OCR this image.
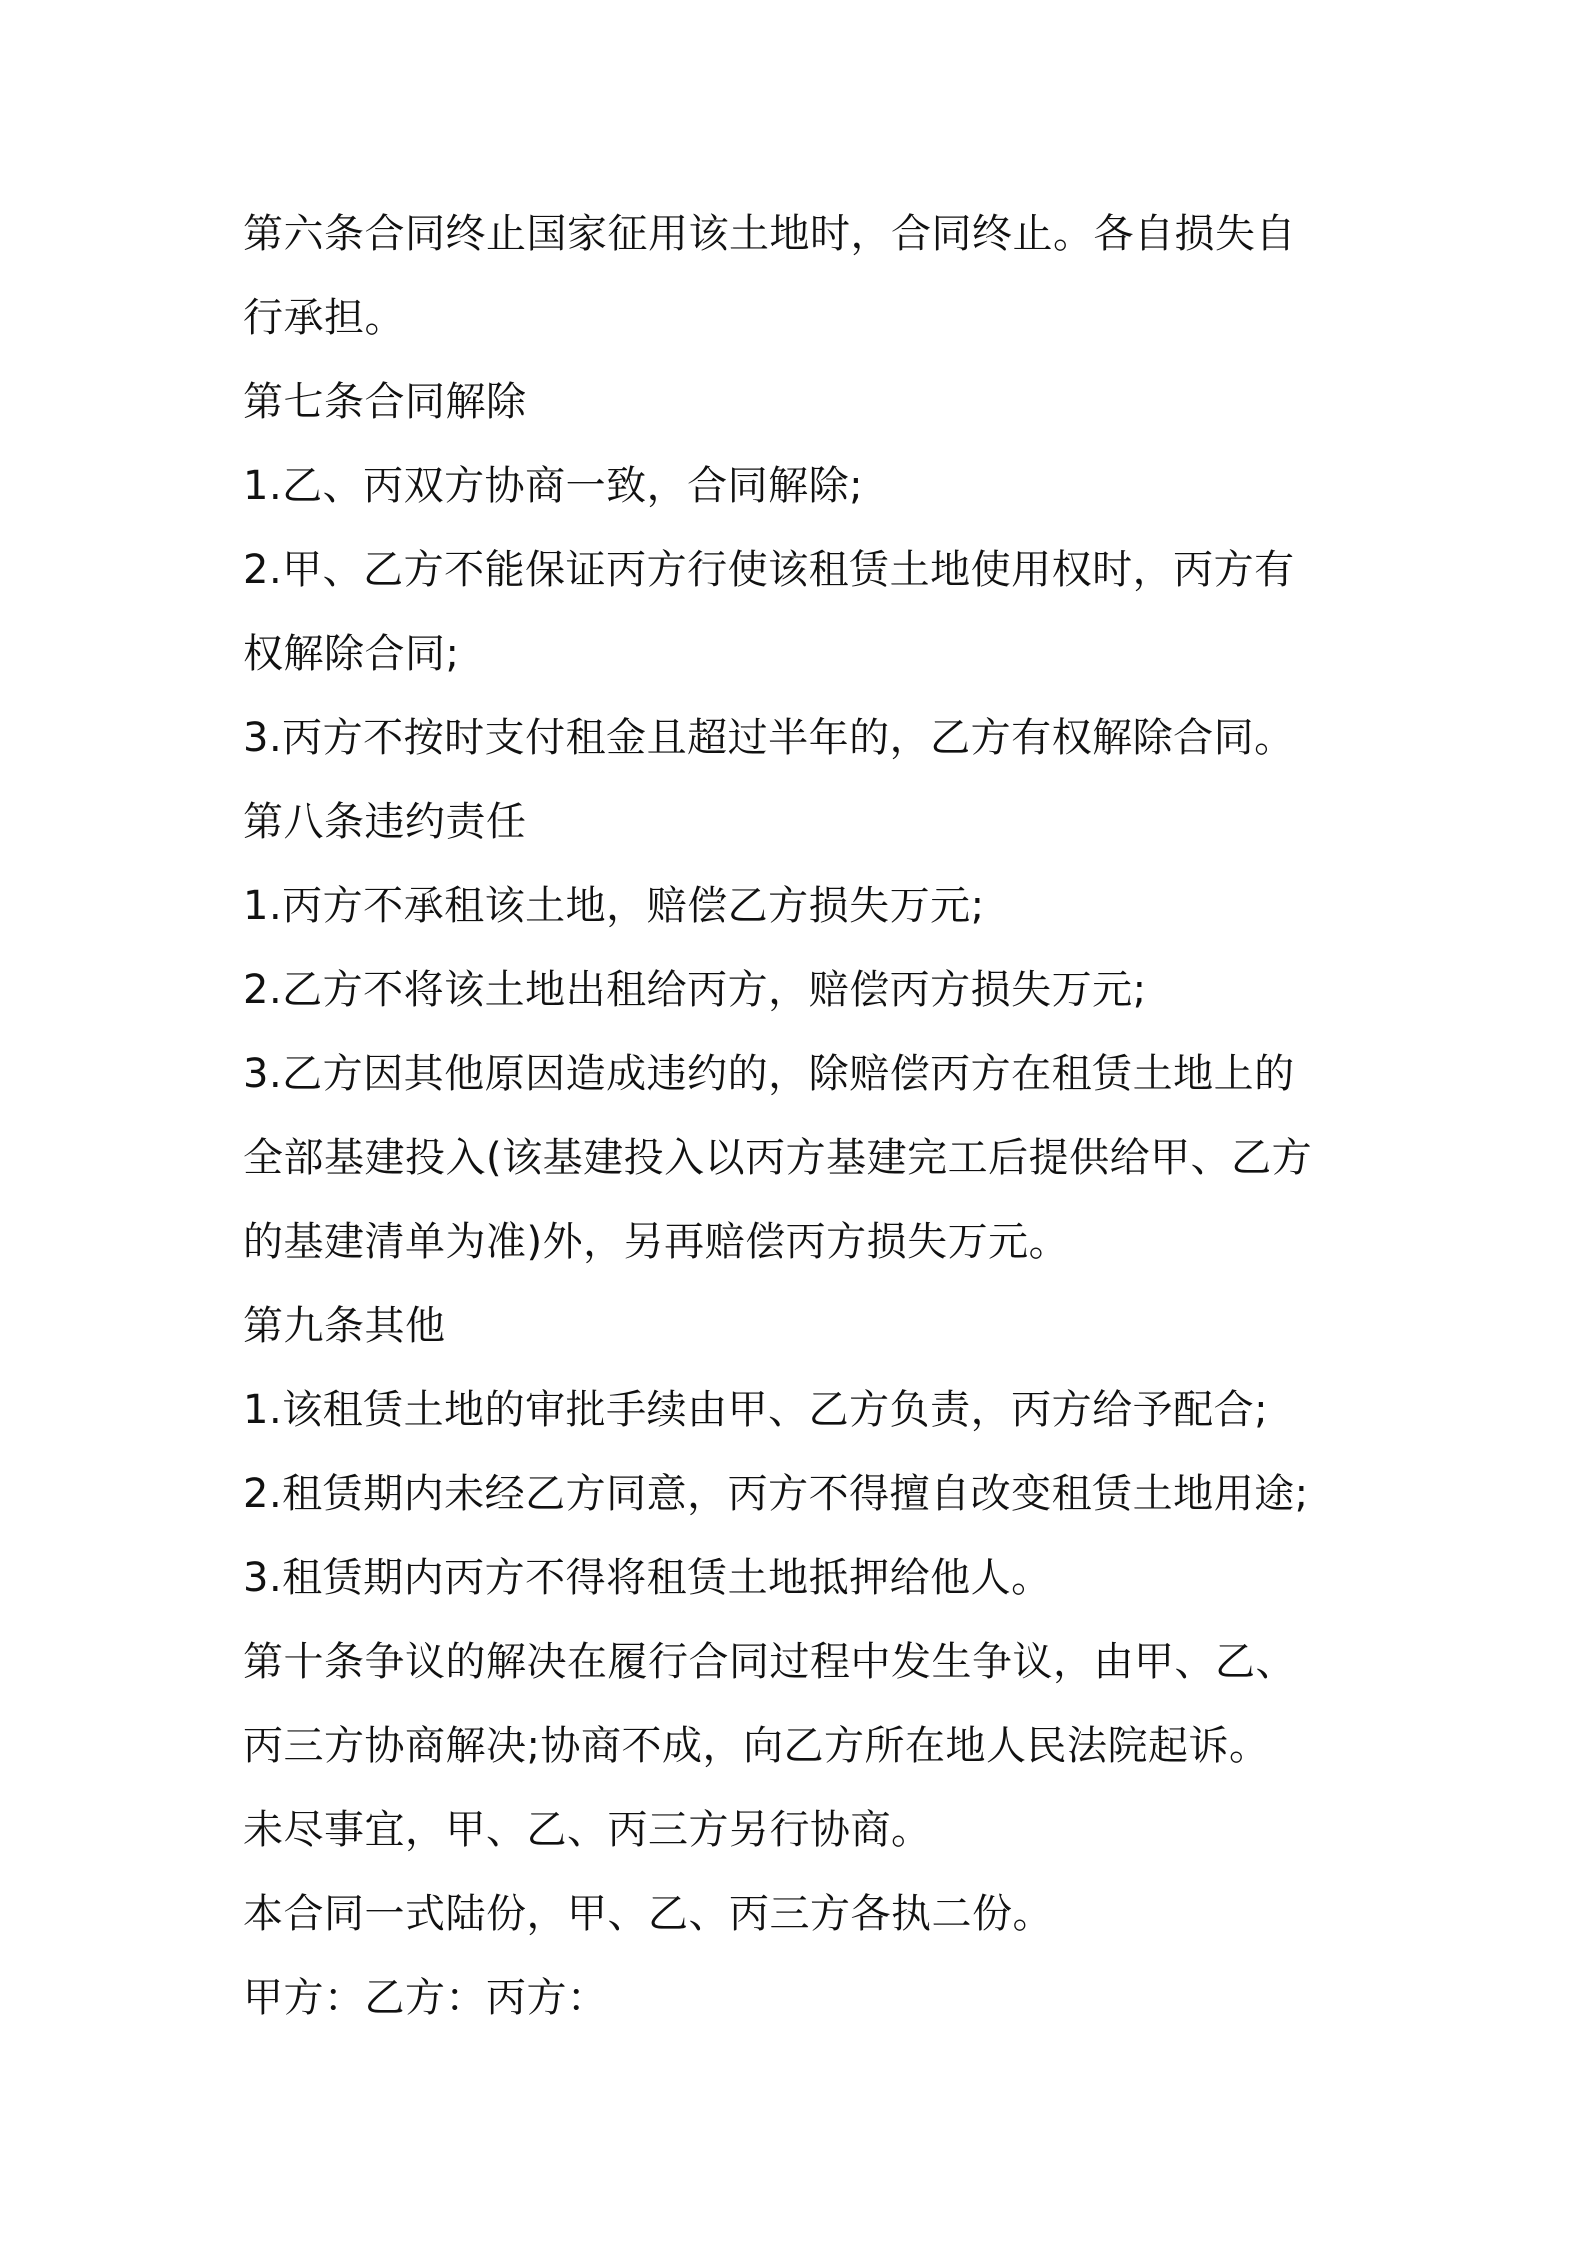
第六条合同终止国家征用该土地时，合同终止。各自损失自
行承担。
第七条合同解除
1.乙、丙双方协商一致，合同解除;
2.甲、乙方不能保证丙方行使该租赁土地使用权时，丙方有
权解除合同;
3.丙方不按时支付租金且超过半年的，乙方有权解除合同。
第八条违约责任
1.丙方不承租该土地，赔偿乙方损失万元;
2.乙方不将该土地出租给丙方，赔偿丙方损失万元;
3.乙方因其他原因造成违约的，除赔偿丙方在租赁土地上的
全部基建投入(该基建投入以丙方基建完工后提供给甲、乙方
的基建清单为准)外，另再赔偿丙方损失万元。
第九条其他
1.该租赁土地的审批手续由甲、乙方负责，丙方给予配合;
2.租赁期内未经乙方同意，丙方不得擅自改变租赁土地用途;
3.租赁期内丙方不得将租赁土地抵押给他人。
第十条争议的解决在履行合同过程中发生争议，由甲、乙、
丙三方协商解决;协商不成，向乙方所在地人民法院起诉。
未尽事宜，甲、乙、丙三方另行协商。
本合同一式陆份，甲、乙、丙三方各执二份。
甲方：乙方：丙方：
